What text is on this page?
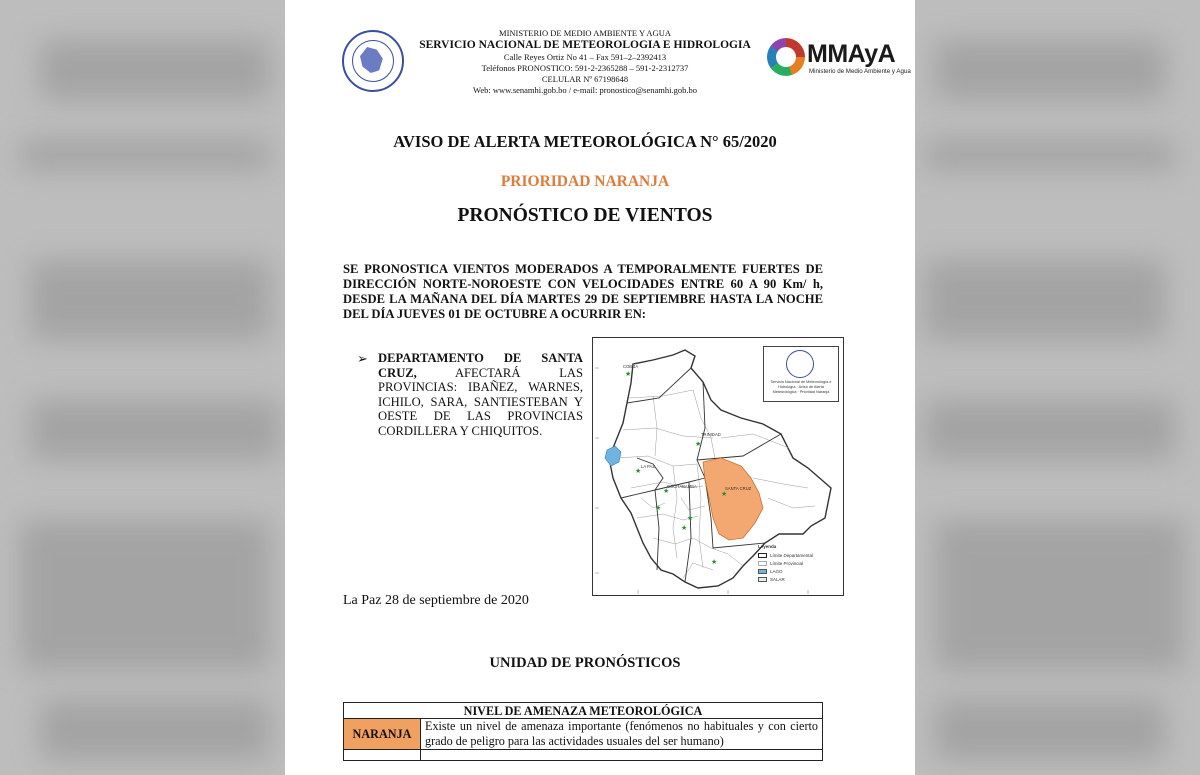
MINISTERIO DE MEDIO AMBIENTE Y AGUA
SERVICIO NACIONAL DE METEOROLOGIA E HIDROLOGIA
Calle Reyes Ortiz No 41 – Fax 591–2–2392413
Teléfonos PRONOSTICO: 591-2-2365288 – 591-2-2312737
CELULAR Nº 67198648
Web: www.senamhi.gob.bo / e-mail: pronostico@senamhi.gob.bo
MMAyA
Ministerio de Medio Ambiente y Agua
AVISO DE ALERTA METEOROLÓGICA N° 65/2020
PRIORIDAD NARANJA
PRONÓSTICO DE VIENTOS
SE PRONOSTICA VIENTOS MODERADOS A TEMPORALMENTE FUERTES DE DIRECCIÓN NORTE-NOROESTE CON VELOCIDADES ENTRE 60 A 90 Km/ h, DESDE LA MAÑANA DEL DÍA MARTES 29 DE SEPTIEMBRE HASTA LA NOCHE DEL DÍA JUEVES 01 DE OCTUBRE A OCURRIR EN:
➢ DEPARTAMENTO DE SANTA CRUZ, AFECTARÁ LAS PROVINCIAS: IBAÑEZ, WARNES, ICHILO, SARA, SANTIESTEBAN Y OESTE DE LAS PROVINCIAS CORDILLERA Y CHIQUITOS.
★
★
★
★	★
★
★
★
★
COBIJA
TRINIDAD
LA PAZ
COCHABAMBA	SANTA CRUZ
Servicio Nacional de Meteorología e Hidrología · Aviso de Alerta Meteorológica · Prioridad Naranja
Leyenda
Límite Departamental
Límite Provincial
LAGO
SALAR
La Paz 28 de septiembre de 2020
UNIDAD DE PRONÓSTICOS
NIVEL DE AMENAZA METEOROLÓGICA	
NARANJA	Existe un nivel de amenaza importante (fenómenos no habituales y con cierto grado de peligro para las actividades usuales del ser humano)
